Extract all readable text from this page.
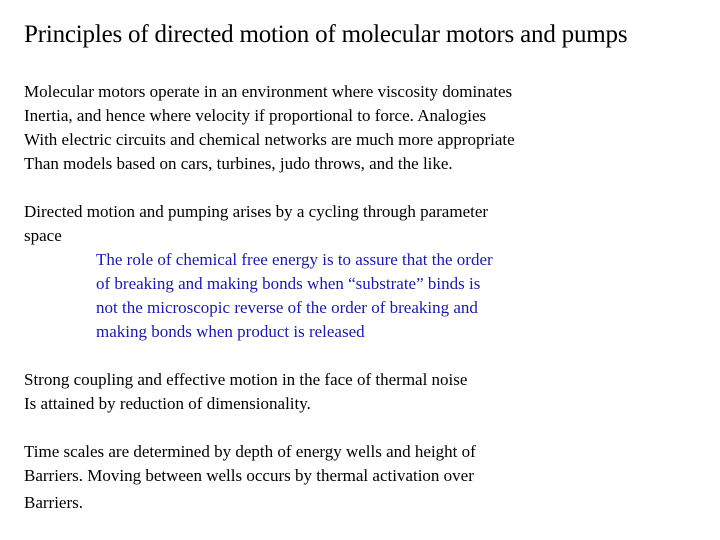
Principles of directed motion of molecular motors and pumps
Molecular motors operate in an environment where viscosity dominates
Inertia, and hence where velocity if proportional to force. Analogies
With electric circuits and chemical networks are much more appropriate
Than models based on cars, turbines, judo throws, and the like.
Directed motion and pumping arises by a cycling through parameter
space
The role of chemical free energy is to assure that the order
of breaking and making bonds when “substrate” binds is
not the microscopic reverse of the order of breaking and
making bonds when product is released
Strong coupling and effective motion in the face of thermal noise
Is attained by reduction of dimensionality.
Time scales are determined by depth of energy wells and height of
Barriers. Moving between wells occurs by thermal activation over
Barriers.
